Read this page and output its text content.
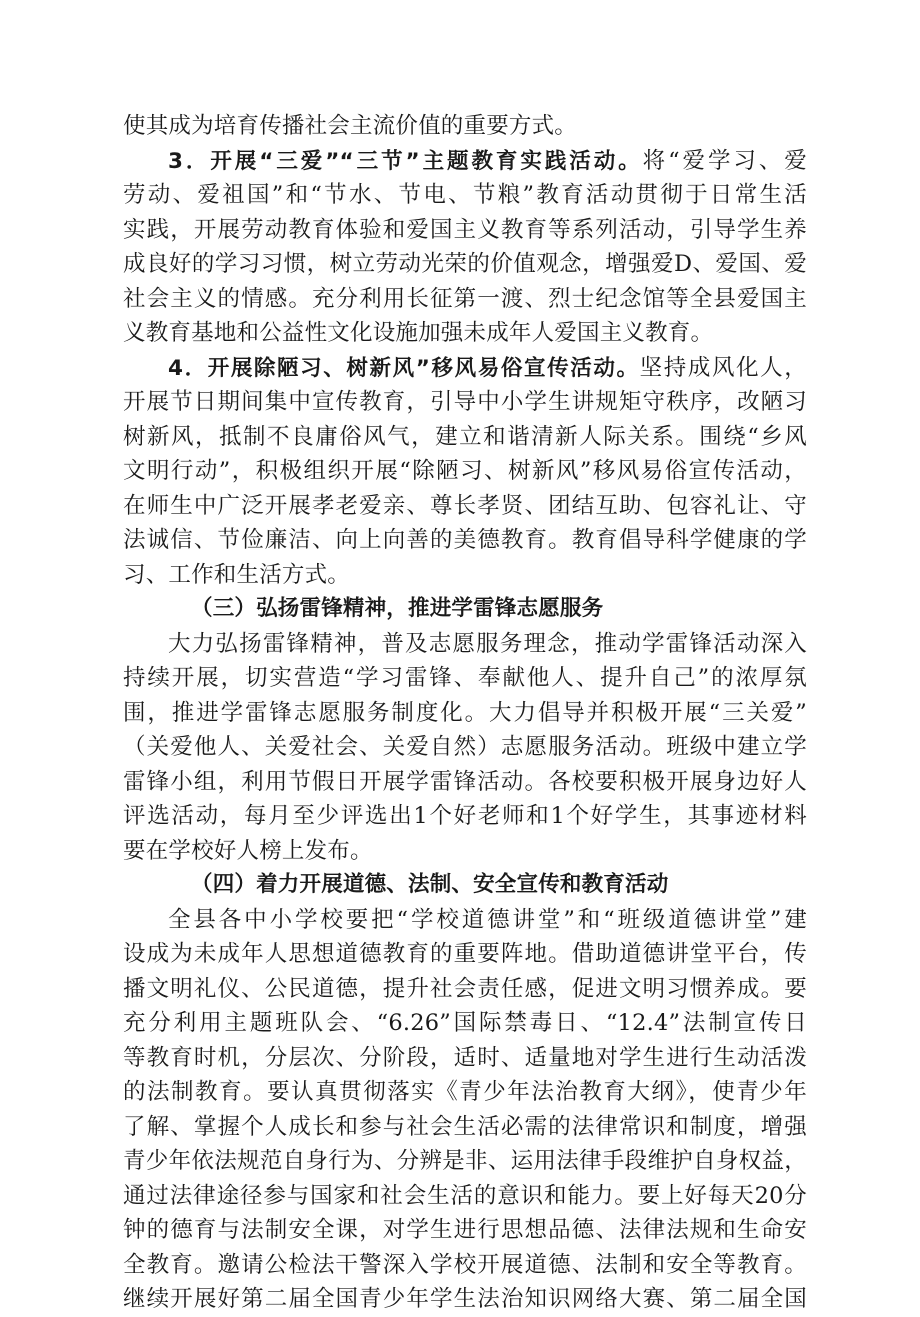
使其成为培育传播社会主流价值的重要方式。
3．开展“三爱”“三节”主题教育实践活动。将“爱学习、爱
劳动、爱祖国”和“节水、节电、节粮”教育活动贯彻于日常生活
实践，开展劳动教育体验和爱国主义教育等系列活动，引导学生养
成良好的学习习惯，树立劳动光荣的价值观念，增强爱D、爱国、爱
社会主义的情感。充分利用长征第一渡、烈士纪念馆等全县爱国主
义教育基地和公益性文化设施加强未成年人爱国主义教育。
4．开展除陋习、树新风”移风易俗宣传活动。坚持成风化人，
开展节日期间集中宣传教育，引导中小学生讲规矩守秩序，改陋习
树新风，抵制不良庸俗风气，建立和谐清新人际关系。围绕“乡风
文明行动”，积极组织开展“除陋习、树新风”移风易俗宣传活动，
在师生中广泛开展孝老爱亲、尊长孝贤、团结互助、包容礼让、守
法诚信、节俭廉洁、向上向善的美德教育。教育倡导科学健康的学
习、工作和生活方式。
（三）弘扬雷锋精神，推进学雷锋志愿服务
大力弘扬雷锋精神，普及志愿服务理念，推动学雷锋活动深入
持续开展，切实营造“学习雷锋、奉献他人、提升自己”的浓厚氛
围，推进学雷锋志愿服务制度化。大力倡导并积极开展“三关爱”
（关爱他人、关爱社会、关爱自然）志愿服务活动。班级中建立学
雷锋小组，利用节假日开展学雷锋活动。各校要积极开展身边好人
评选活动，每月至少评选出1个好老师和1个好学生，其事迹材料
要在学校好人榜上发布。
（四）着力开展道德、法制、安全宣传和教育活动
全县各中小学校要把“学校道德讲堂”和“班级道德讲堂”建
设成为未成年人思想道德教育的重要阵地。借助道德讲堂平台，传
播文明礼仪、公民道德，提升社会责任感，促进文明习惯养成。要
充分利用主题班队会、“6.26”国际禁毒日、“12.4”法制宣传日
等教育时机，分层次、分阶段，适时、适量地对学生进行生动活泼
的法制教育。要认真贯彻落实《青少年法治教育大纲》，使青少年
了解、掌握个人成长和参与社会生活必需的法律常识和制度，增强
青少年依法规范自身行为、分辨是非、运用法律手段维护自身权益，
通过法律途径参与国家和社会生活的意识和能力。要上好每天20分
钟的德育与法制安全课，对学生进行思想品德、法律法规和生命安
全教育。邀请公检法干警深入学校开展道德、法制和安全等教育。
继续开展好第二届全国青少年学生法治知识网络大赛、第二届全国
